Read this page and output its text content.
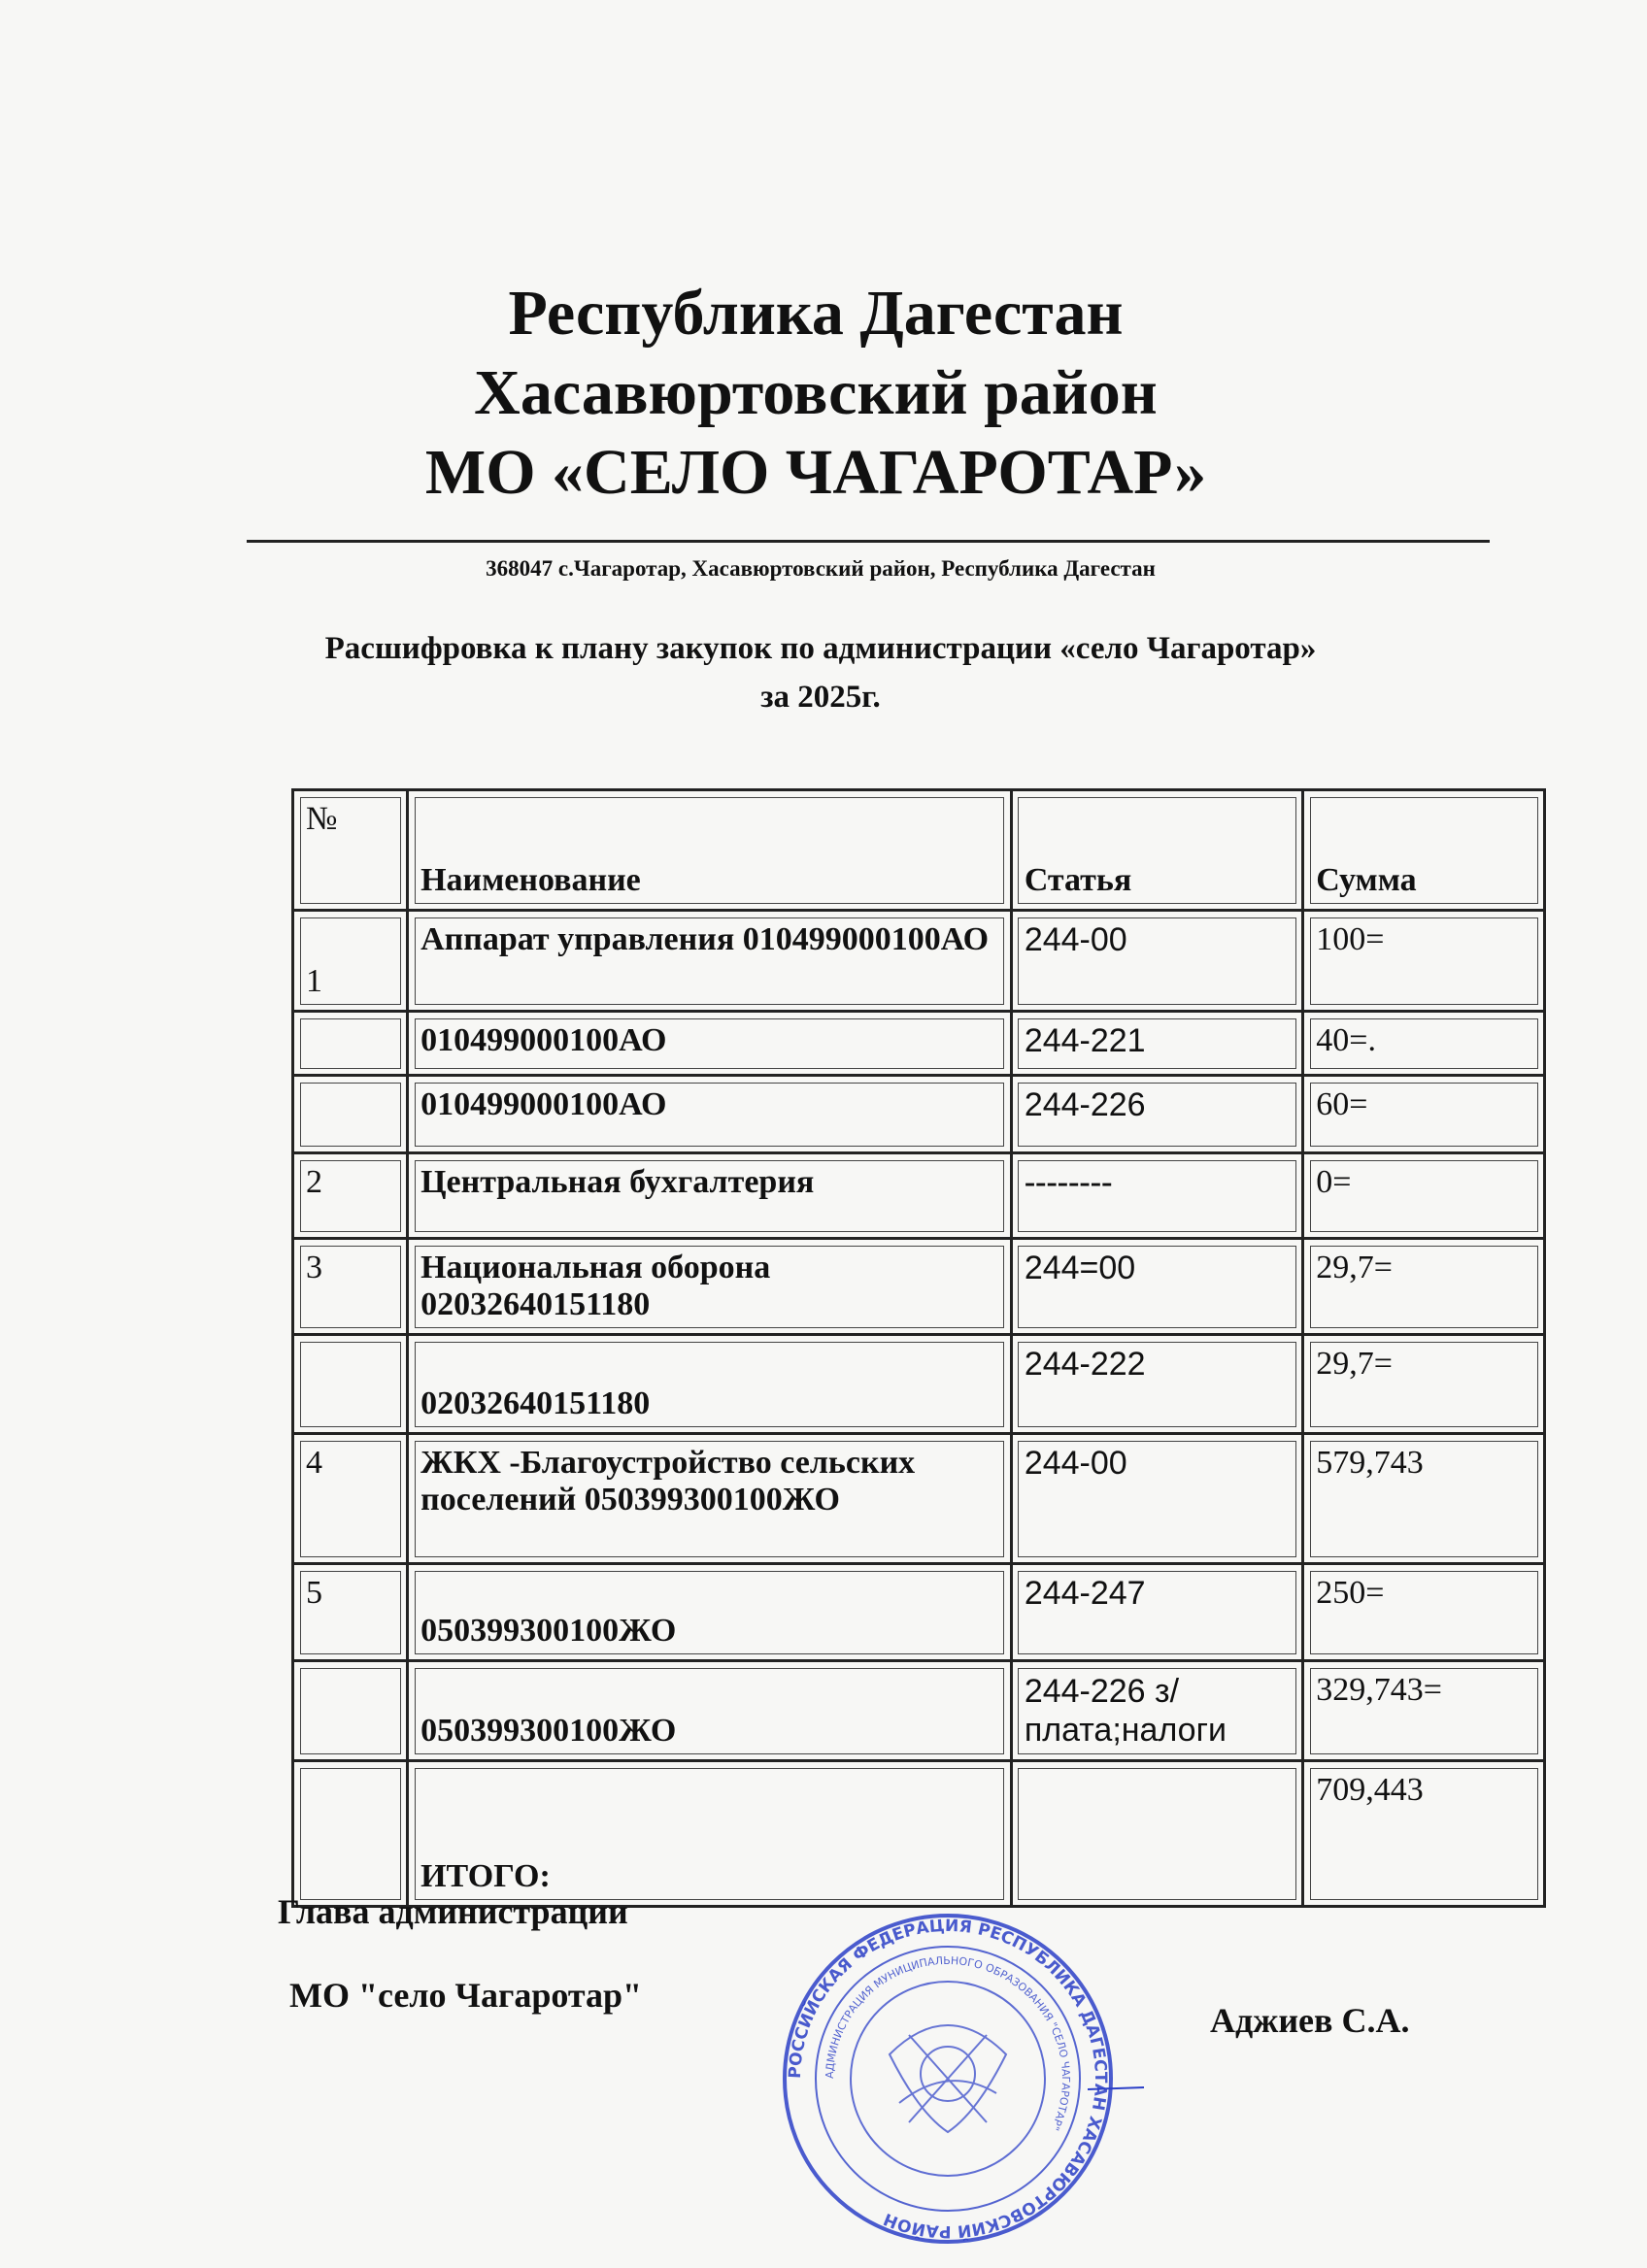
Республика Дагестан
Хасавюртовский район
МО «СЕЛО ЧАГАРОТАР»
368047 с.Чагаротар, Хасавюртовский район, Республика Дагестан
Расшифровка к плану закупок по администрации «село Чагаротар»
за 2025г.
№	Наименование	Статья	Сумма
1	Аппарат управления 010499000100АО	244-00	100=
	010499000100АО	244-221	40=.
	010499000100АО	244-226	60=
2	Центральная бухгалтерия	--------	0=
3	Национальная оборона 02032640151180	244=00	29,7=
	02032640151180	244-222	29,7=
4	ЖКХ -Благоустройство сельских поселений 050399300100ЖО	244-00	579,743
5	050399300100ЖО	244-247	250=
	050399300100ЖО	244-226 з/плата;налоги	329,743=
	ИТОГО:		709,443
Глава администрации
МО "село Чагаротар"
Аджиев С.А.
РОССИЙСКАЯ ФЕДЕРАЦИЯ РЕСПУБЛИКА ДАГЕСТАН ХАСАВЮРТОВСКИЙ РАЙОН
АДМИНИСТРАЦИЯ МУНИЦИПАЛЬНОГО ОБРАЗОВАНИЯ "СЕЛО ЧАГАРОТАР"
